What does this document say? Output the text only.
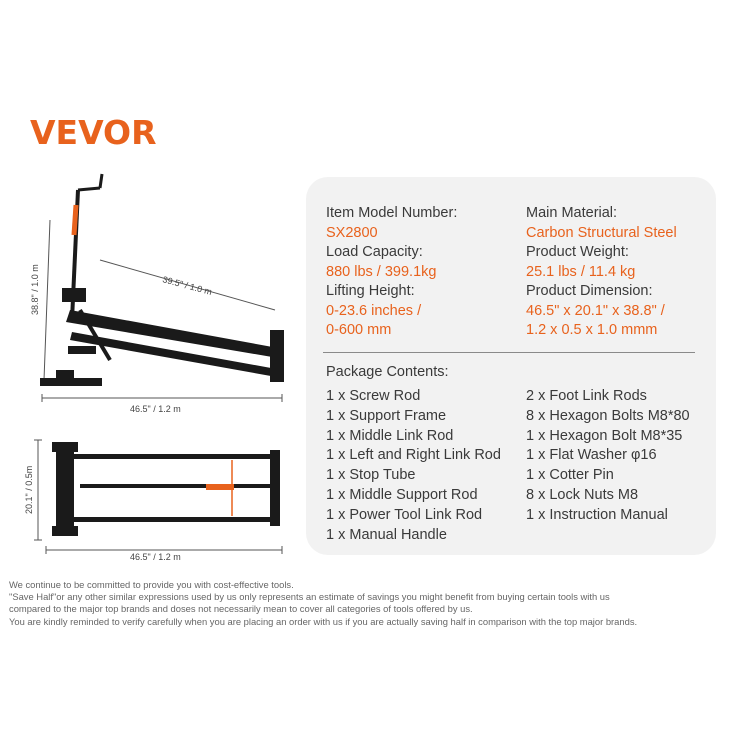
VEVOR
38.8" / 1.0 m	39.5" / 1.0 m
46.5" / 1.2 m
20.1" / 0.5m
46.5" / 1.2 m
Item Model Number:
SX2800
Load Capacity:
880 lbs / 399.1kg
Lifting Height:
0-23.6 inches /
0-600 mm
Main Material:
Carbon Structural Steel
Product Weight:
25.1 lbs / 11.4 kg
Product Dimension:
46.5" x 20.1" x 38.8" /
1.2 x 0.5 x 1.0 mmm
Package Contents:
1 x Screw Rod
1 x Support Frame
1 x Middle Link Rod
1 x Left and Right Link Rod
1 x Stop Tube
1 x Middle Support Rod
1 x Power Tool Link Rod
1 x Manual Handle
2 x Foot Link Rods
8 x Hexagon Bolts M8*80
1 x Hexagon Bolt M8*35
1 x Flat Washer φ16
1 x Cotter Pin
8 x Lock Nuts M8
1 x Instruction Manual
We continue to be committed to provide you with cost-effective tools.
"Save Half"or any other similar expressions used by us only represents an estimate of savings you might benefit from buying certain tools with us
compared to the major top brands and doses not necessarily mean to cover all categories of tools offered by us.
You are kindly reminded to verify carefully when you are placing an order with us if you are actually saving half in comparison with the top major brands.
